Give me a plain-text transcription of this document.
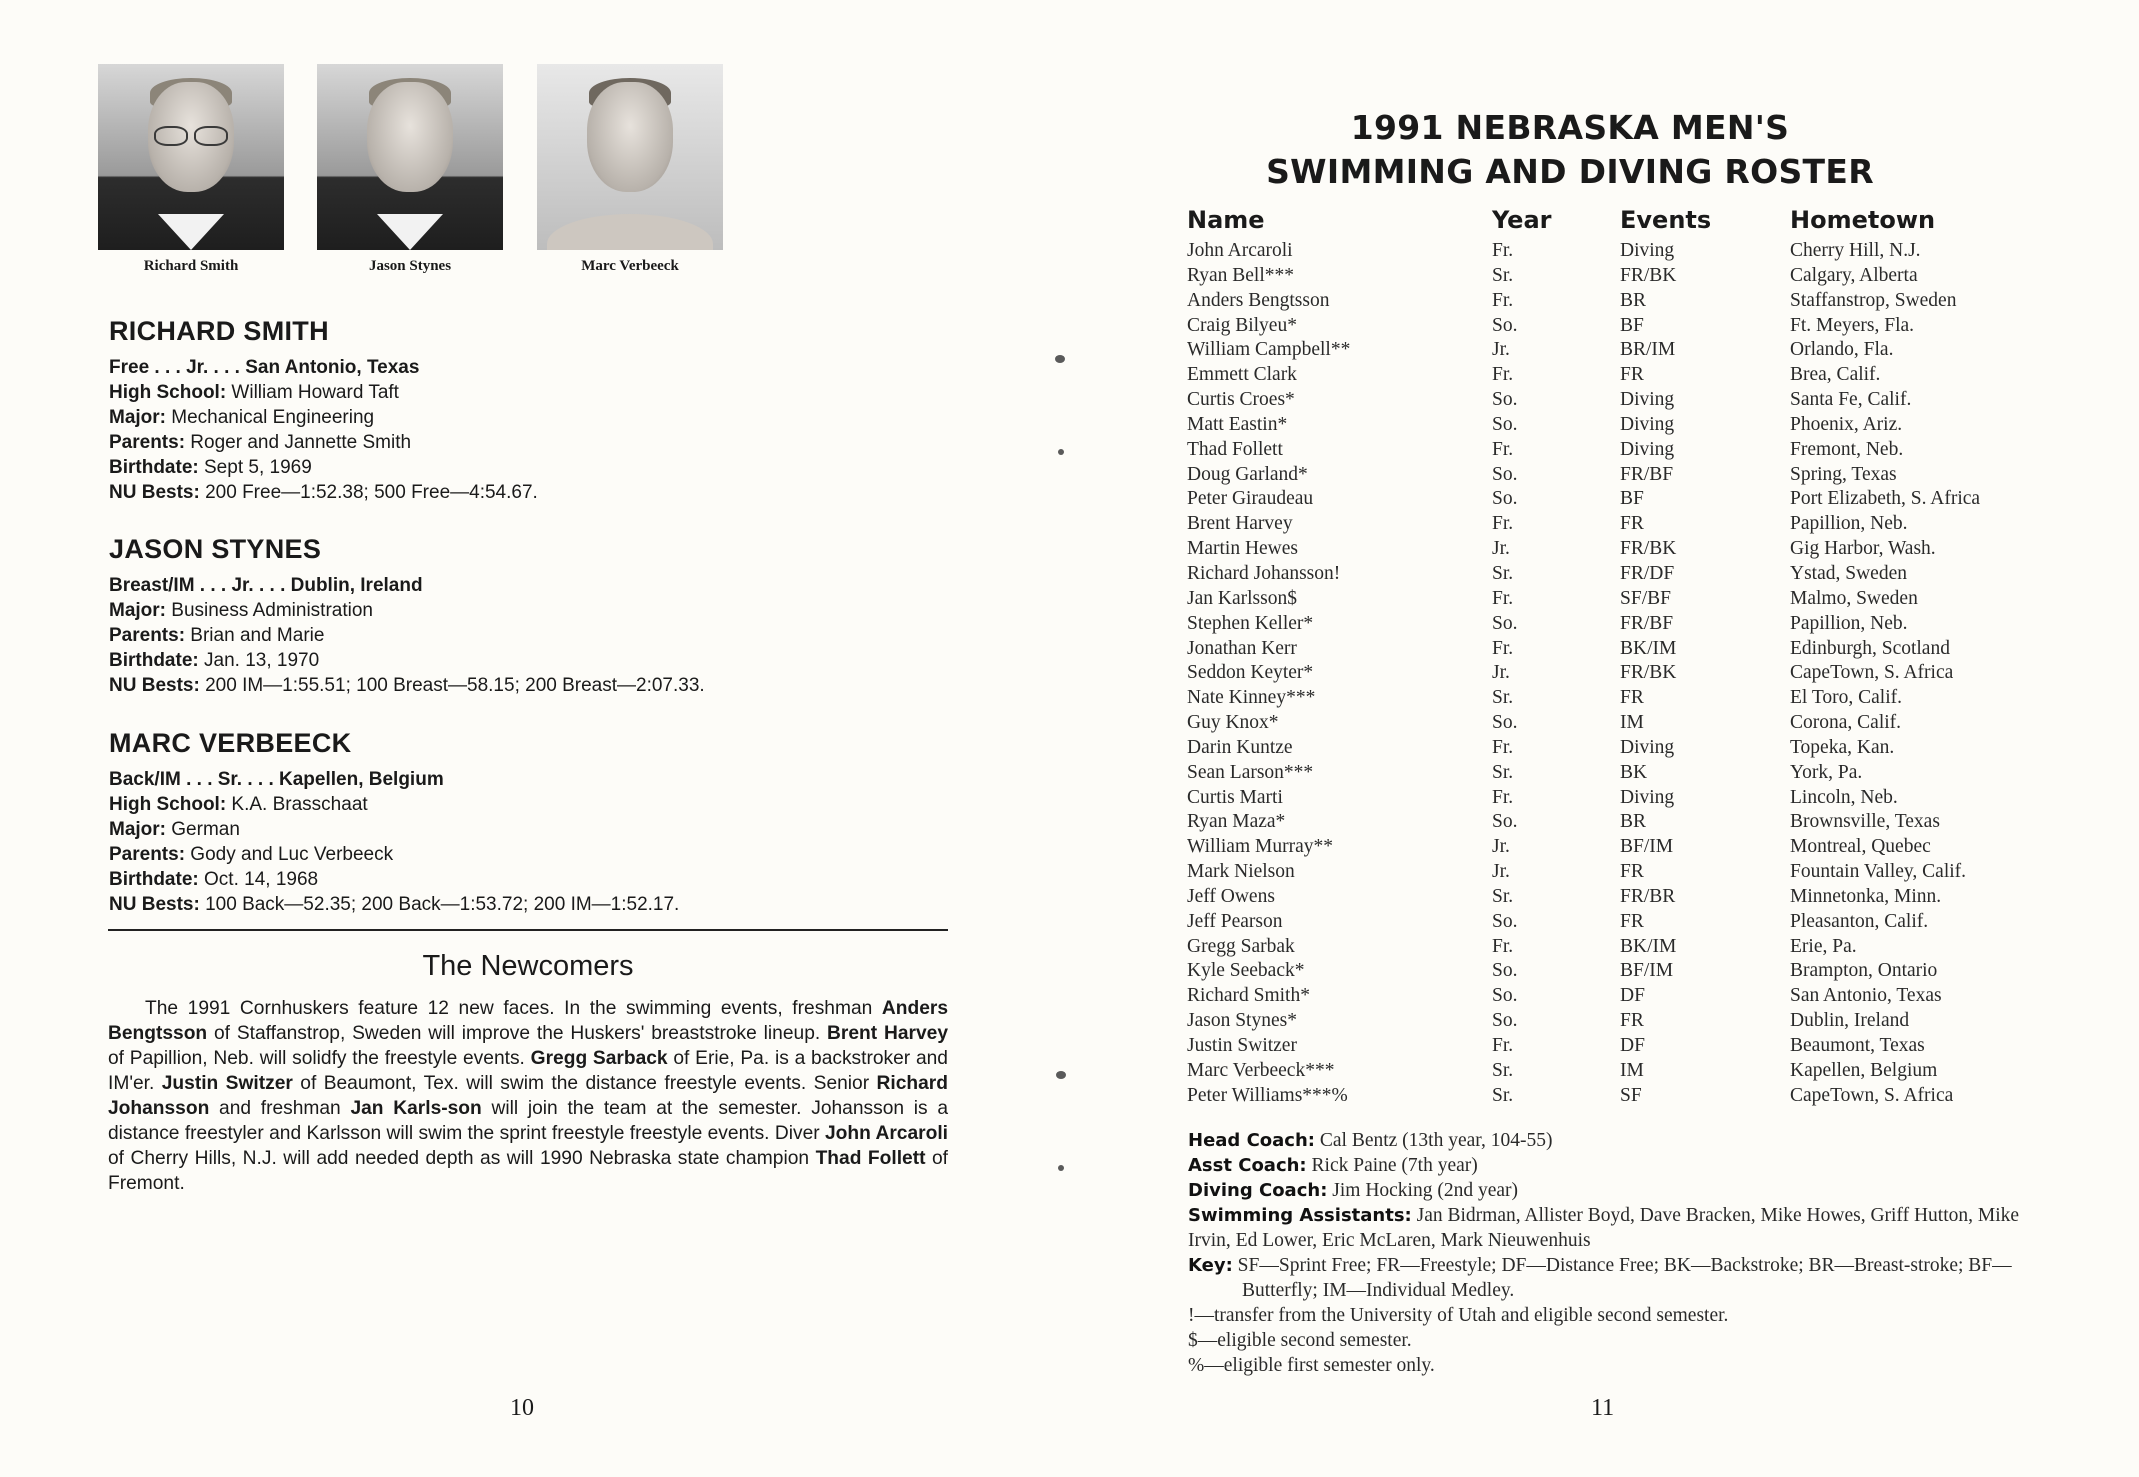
Richard Smith	Jason Stynes	Marc Verbeeck
RICHARD SMITH
Free . . . Jr. . . . San Antonio, Texas
High School: William Howard Taft
Major: Mechanical Engineering
Parents: Roger and Jannette Smith
Birthdate: Sept 5, 1969
NU Bests: 200 Free—1:52.38; 500 Free—4:54.67.
JASON STYNES
Breast/IM . . . Jr. . . . Dublin, Ireland
Major: Business Administration
Parents: Brian and Marie
Birthdate: Jan. 13, 1970
NU Bests: 200 IM—1:55.51; 100 Breast—58.15; 200 Breast—2:07.33.
MARC VERBEECK
Back/IM . . . Sr. . . . Kapellen, Belgium
High School: K.A. Brasschaat
Major: German
Parents: Gody and Luc Verbeeck
Birthdate: Oct. 14, 1968
NU Bests: 100 Back—52.35; 200 Back—1:53.72; 200 IM—1:52.17.
The Newcomers
The 1991 Cornhuskers feature 12 new faces. In the swimming events, freshman Anders Bengtsson of Staffanstrop, Sweden will improve the Huskers' breaststroke lineup. Brent Harvey of Papillion, Neb. will solidfy the freestyle events. Gregg Sarback of Erie, Pa. is a backstroker and IM'er. Justin Switzer of Beaumont, Tex. will swim the distance freestyle events. Senior Richard Johansson and freshman Jan Karls-son will join the team at the semester. Johansson is a distance freestyler and Karlsson will swim the sprint freestyle freestyle events. Diver John Arcaroli of Cherry Hills, N.J. will add needed depth as will 1990 Nebraska state champion Thad Follett of Fremont.
10
1991 NEBRASKA MEN'S
SWIMMING AND DIVING ROSTER
Name	Year	Events	Hometown
John Arcaroli	Fr.	Diving	Cherry Hill, N.J.
Ryan Bell***	Sr.	FR/BK	Calgary, Alberta
Anders Bengtsson	Fr.	BR	Staffanstrop, Sweden
Craig Bilyeu*	So.	BF	Ft. Meyers, Fla.
William Campbell**	Jr.	BR/IM	Orlando, Fla.
Emmett Clark	Fr.	FR	Brea, Calif.
Curtis Croes*	So.	Diving	Santa Fe, Calif.
Matt Eastin*	So.	Diving	Phoenix, Ariz.
Thad Follett	Fr.	Diving	Fremont, Neb.
Doug Garland*	So.	FR/BF	Spring, Texas
Peter Giraudeau	So.	BF	Port Elizabeth, S. Africa
Brent Harvey	Fr.	FR	Papillion, Neb.
Martin Hewes	Jr.	FR/BK	Gig Harbor, Wash.
Richard Johansson!	Sr.	FR/DF	Ystad, Sweden
Jan Karlsson$	Fr.	SF/BF	Malmo, Sweden
Stephen Keller*	So.	FR/BF	Papillion, Neb.
Jonathan Kerr	Fr.	BK/IM	Edinburgh, Scotland
Seddon Keyter*	Jr.	FR/BK	CapeTown, S. Africa
Nate Kinney***	Sr.	FR	El Toro, Calif.
Guy Knox*	So.	IM	Corona, Calif.
Darin Kuntze	Fr.	Diving	Topeka, Kan.
Sean Larson***	Sr.	BK	York, Pa.
Curtis Marti	Fr.	Diving	Lincoln, Neb.
Ryan Maza*	So.	BR	Brownsville, Texas
William Murray**	Jr.	BF/IM	Montreal, Quebec
Mark Nielson	Jr.	FR	Fountain Valley, Calif.
Jeff Owens	Sr.	FR/BR	Minnetonka, Minn.
Jeff Pearson	So.	FR	Pleasanton, Calif.
Gregg Sarbak	Fr.	BK/IM	Erie, Pa.
Kyle Seeback*	So.	BF/IM	Brampton, Ontario
Richard Smith*	So.	DF	San Antonio, Texas
Jason Stynes*	So.	FR	Dublin, Ireland
Justin Switzer	Fr.	DF	Beaumont, Texas
Marc Verbeeck***	Sr.	IM	Kapellen, Belgium
Peter Williams***%	Sr.	SF	CapeTown, S. Africa
Head Coach: Cal Bentz (13th year, 104-55)
Asst Coach: Rick Paine (7th year)
Diving Coach: Jim Hocking (2nd year)
Swimming Assistants: Jan Bidrman, Allister Boyd, Dave Bracken, Mike Howes, Griff Hutton, Mike Irvin, Ed Lower, Eric McLaren, Mark Nieuwenhuis
Key: SF—Sprint Free; FR—Freestyle; DF—Distance Free; BK—Backstroke; BR—Breast-stroke; BF—Butterfly; IM—Individual Medley.
!—transfer from the University of Utah and eligible second semester.
$—eligible second semester.
%—eligible first semester only.
11
